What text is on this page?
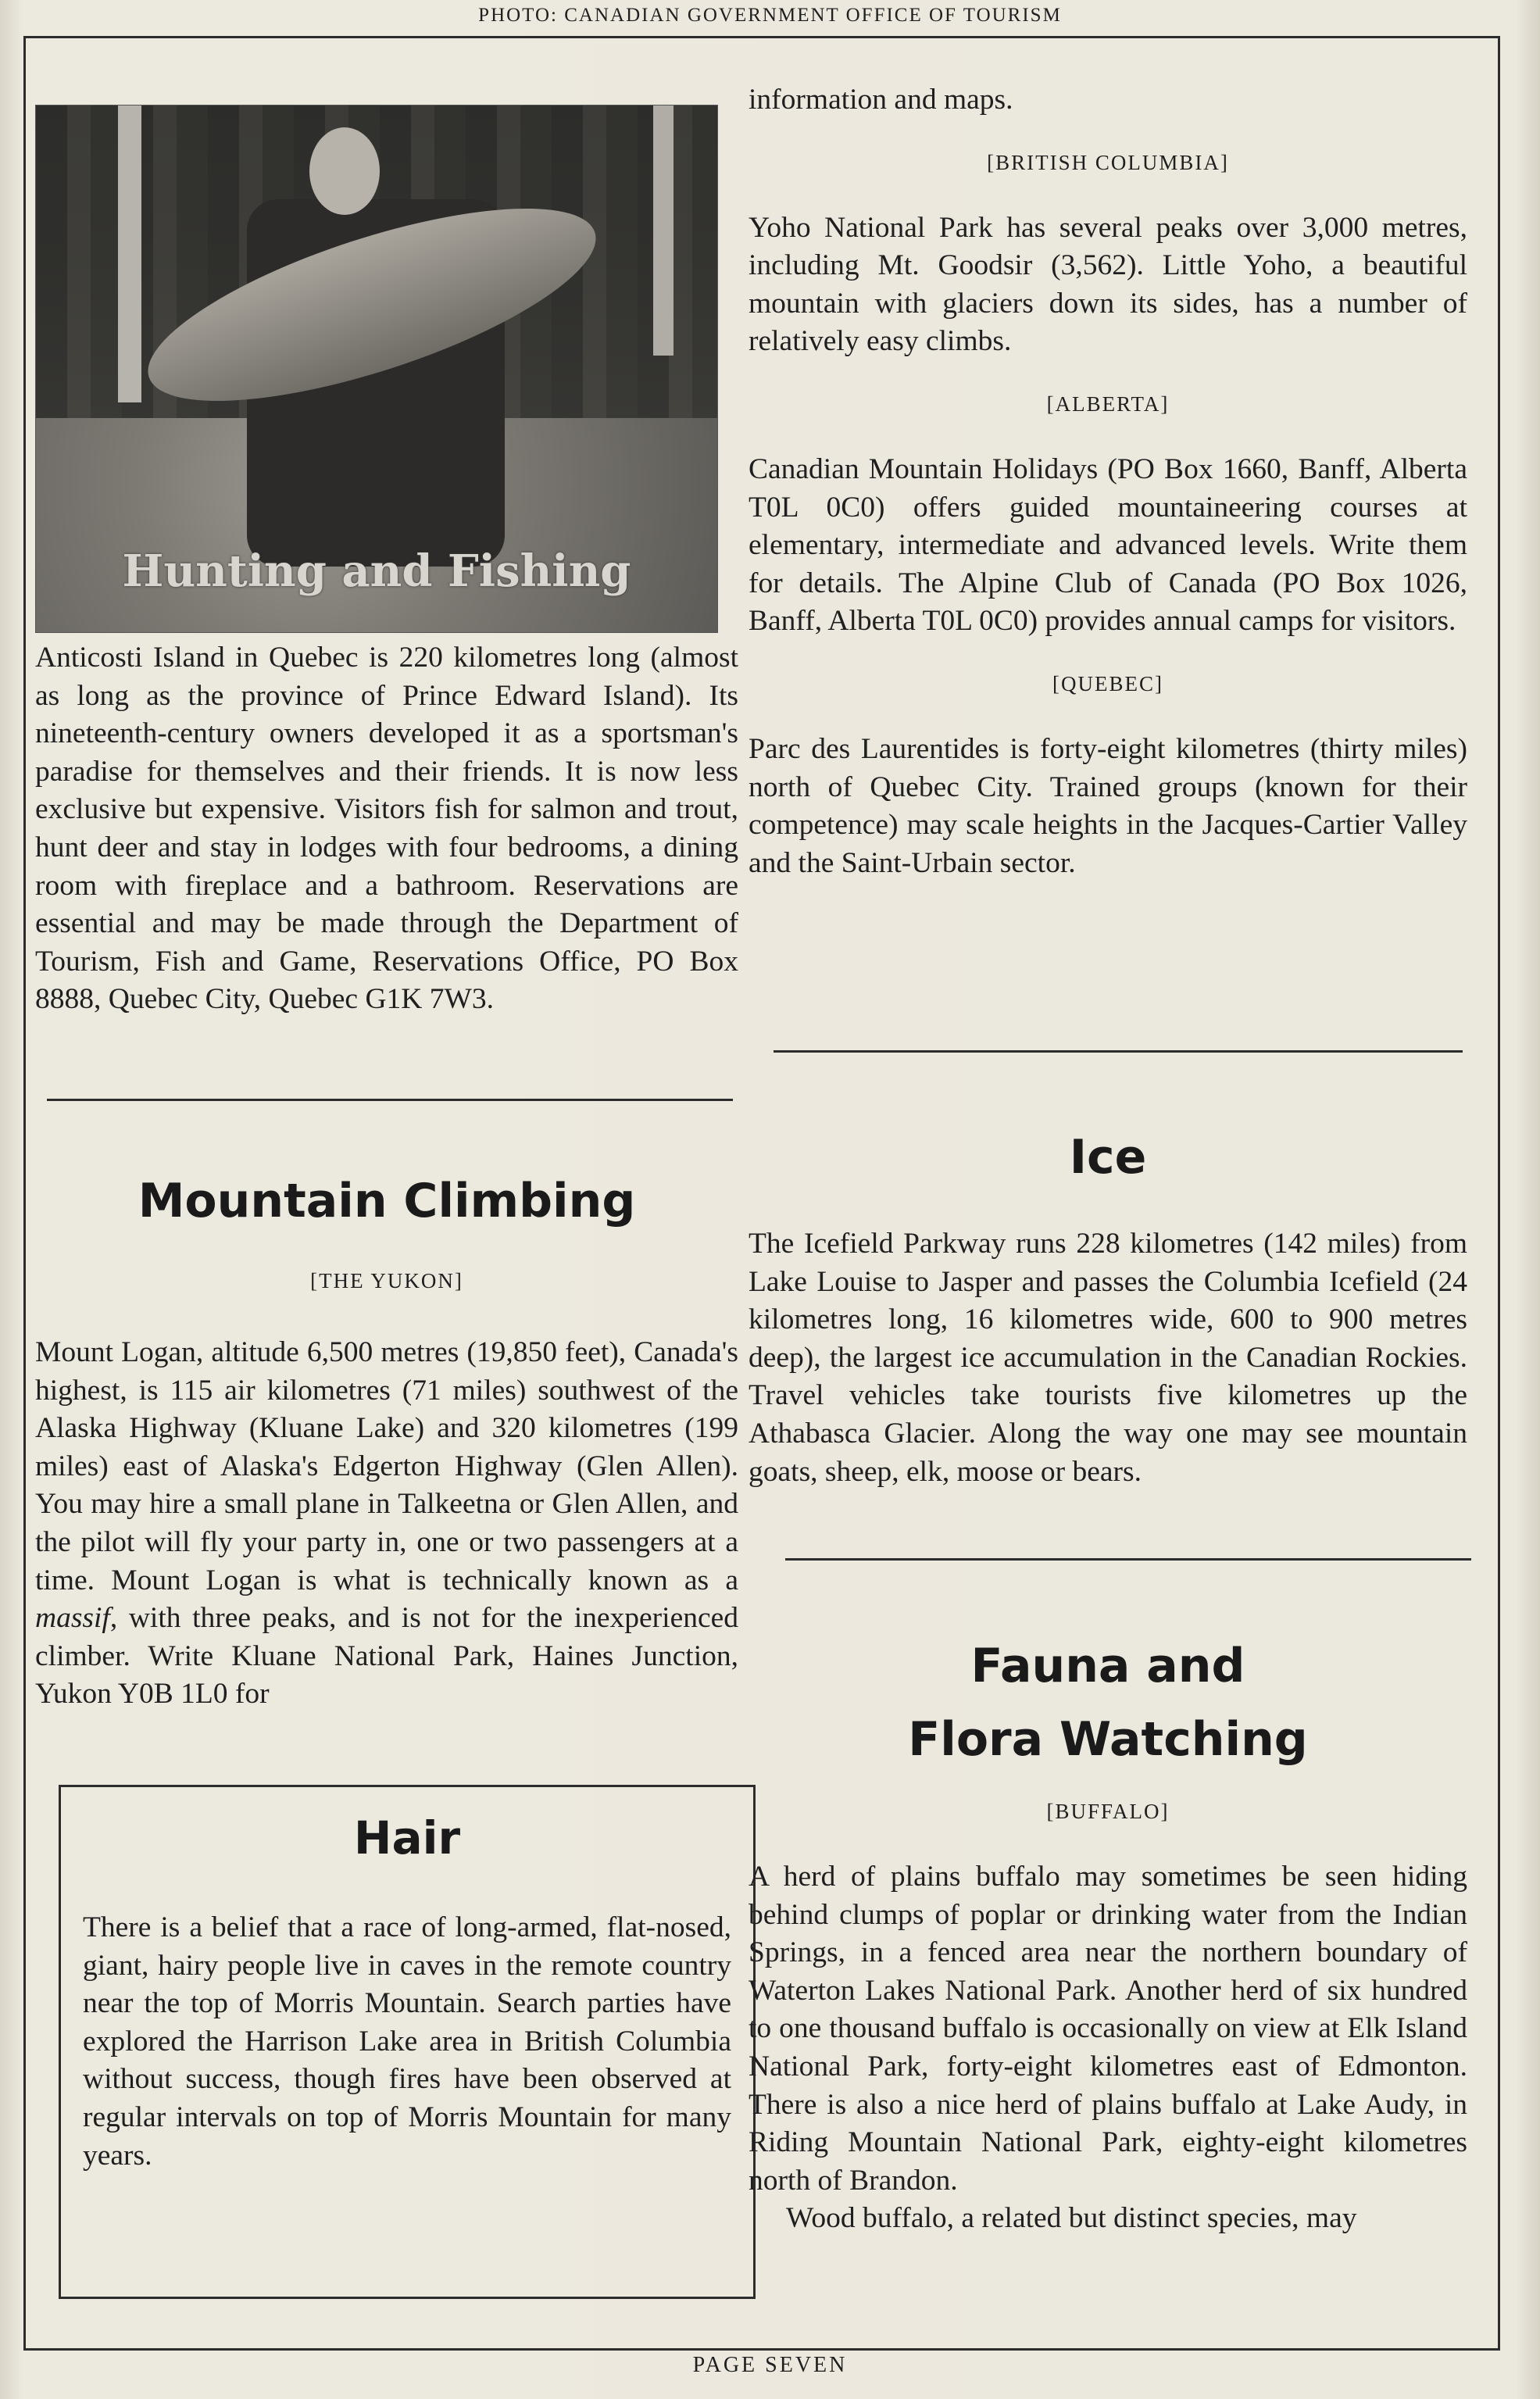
PHOTO: CANADIAN GOVERNMENT OFFICE OF TOURISM
Hunting and Fishing

Anticosti Island in Quebec is 220 kilometres long (almost as long as the province of Prince Edward Island). Its nineteenth-century owners developed it as a sportsman's paradise for themselves and their friends. It is now less exclusive but expensive. Visitors fish for salmon and trout, hunt deer and stay in lodges with four bedrooms, a dining room with fireplace and a bathroom. Reservations are essential and may be made through the Department of Tourism, Fish and Game, Reservations Office, PO Box 8888, Quebec City, Quebec G1K 7W3.

Mountain Climbing

[THE YUKON]

Mount Logan, altitude 6,500 metres (19,850 feet), Canada's highest, is 115 air kilometres (71 miles) southwest of the Alaska Highway (Kluane Lake) and 320 kilometres (199 miles) east of Alaska's Edgerton Highway (Glen Allen). You may hire a small plane in Talkeetna or Glen Allen, and the pilot will fly your party in, one or two passengers at a time. Mount Logan is what is technically known as a massif, with three peaks, and is not for the inexperienced climber. Write Kluane National Park, Haines Junction, Yukon Y0B 1L0 for

Hair

There is a belief that a race of long-armed, flat-nosed, giant, hairy people live in caves in the remote country near the top of Morris Mountain. Search parties have explored the Harrison Lake area in British Columbia without success, though fires have been observed at regular intervals on top of Morris Mountain for many years.

information and maps.

[BRITISH COLUMBIA]

Yoho National Park has several peaks over 3,000 metres, including Mt. Goodsir (3,562). Little Yoho, a beautiful mountain with glaciers down its sides, has a number of relatively easy climbs.

[ALBERTA]

Canadian Mountain Holidays (PO Box 1660, Banff, Alberta T0L 0C0) offers guided mountaineering courses at elementary, intermediate and advanced levels. Write them for details. The Alpine Club of Canada (PO Box 1026, Banff, Alberta T0L 0C0) provides annual camps for visitors.

[QUEBEC]

Parc des Laurentides is forty-eight kilometres (thirty miles) north of Quebec City. Trained groups (known for their competence) may scale heights in the Jacques-Cartier Valley and the Saint-Urbain sector.

Ice

The Icefield Parkway runs 228 kilometres (142 miles) from Lake Louise to Jasper and passes the Columbia Icefield (24 kilometres long, 16 kilometres wide, 600 to 900 metres deep), the largest ice accumulation in the Canadian Rockies. Travel vehicles take tourists five kilometres up the Athabasca Glacier. Along the way one may see mountain goats, sheep, elk, moose or bears.

Fauna and
Flora Watching

[BUFFALO]

A herd of plains buffalo may sometimes be seen hiding behind clumps of poplar or drinking water from the Indian Springs, in a fenced area near the northern boundary of Waterton Lakes National Park. Another herd of six hundred to one thousand buffalo is occasionally on view at Elk Island National Park, forty-eight kilometres east of Edmonton. There is also a nice herd of plains buffalo at Lake Audy, in Riding Mountain National Park, eighty-eight kilometres north of Brandon.

Wood buffalo, a related but distinct species, may

PAGE SEVEN
